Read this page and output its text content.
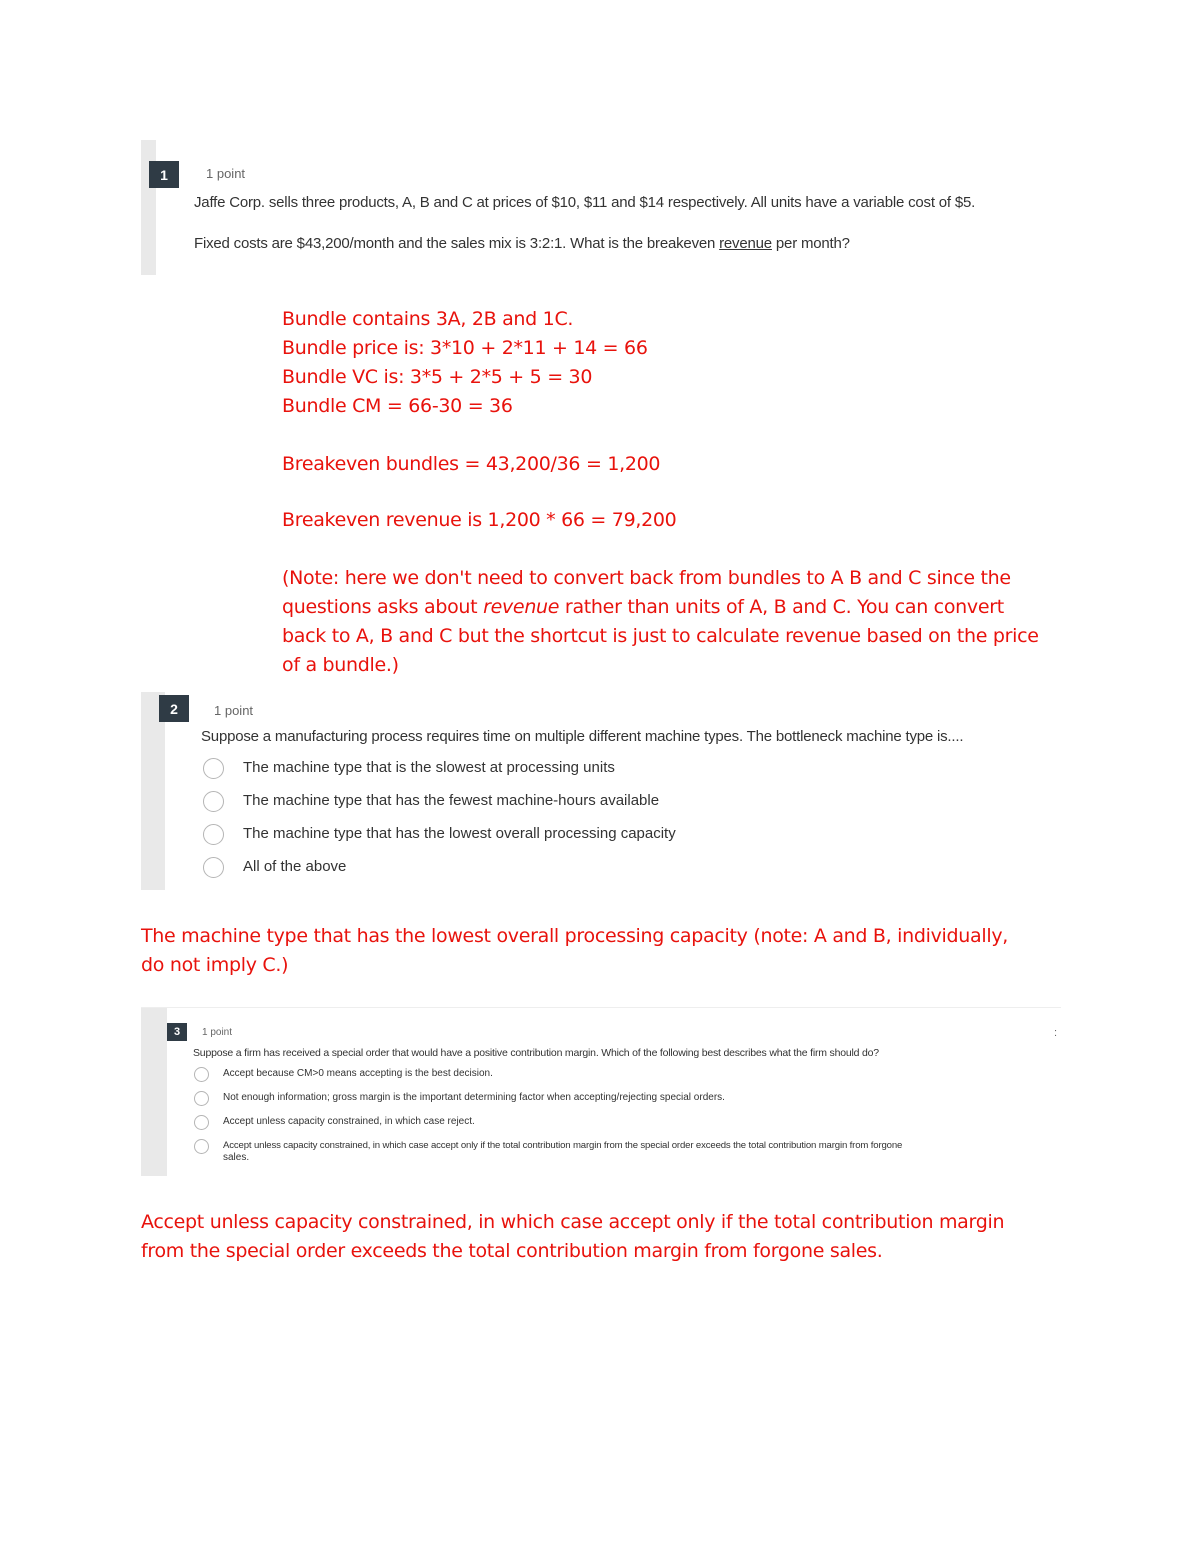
1	1 point
Jaffe Corp. sells three products, A, B and C at prices of $10, $11 and $14 respectively. All units have a variable cost of $5.
Fixed costs are $43,200/month and the sales mix is 3:2:1. What is the breakeven revenue per month?
Bundle contains 3A, 2B and 1C.
Bundle price is: 3*10 + 2*11 + 14 = 66
Bundle VC is: 3*5 + 2*5 + 5 = 30
Bundle CM = 66-30 = 36
Breakeven bundles = 43,200/36 = 1,200
Breakeven revenue is 1,200 * 66 = 79,200
(Note: here we don't need to convert back from bundles to A B and C since the
questions asks about revenue rather than units of A, B and C. You can convert
back to A, B and C but the shortcut is just to calculate revenue based on the price
of a bundle.)
2	1 point
Suppose a manufacturing process requires time on multiple different machine types. The bottleneck machine type is....
The machine type that is the slowest at processing units
The machine type that has the fewest machine-hours available
The machine type that has the lowest overall processing capacity
All of the above
The machine type that has the lowest overall processing capacity (note: A and B, individually,
do not imply C.)
3	1 point	:
Suppose a firm has received a special order that would have a positive contribution margin. Which of the following best describes what the firm should do?
Accept because CM>0 means accepting is the best decision.
Not enough information; gross margin is the important determining factor when accepting/rejecting special orders.
Accept unless capacity constrained, in which case reject.
Accept unless capacity constrained, in which case accept only if the total contribution margin from the special order exceeds the total contribution margin from forgone
sales.
Accept unless capacity constrained, in which case accept only if the total contribution margin
from the special order exceeds the total contribution margin from forgone sales.
